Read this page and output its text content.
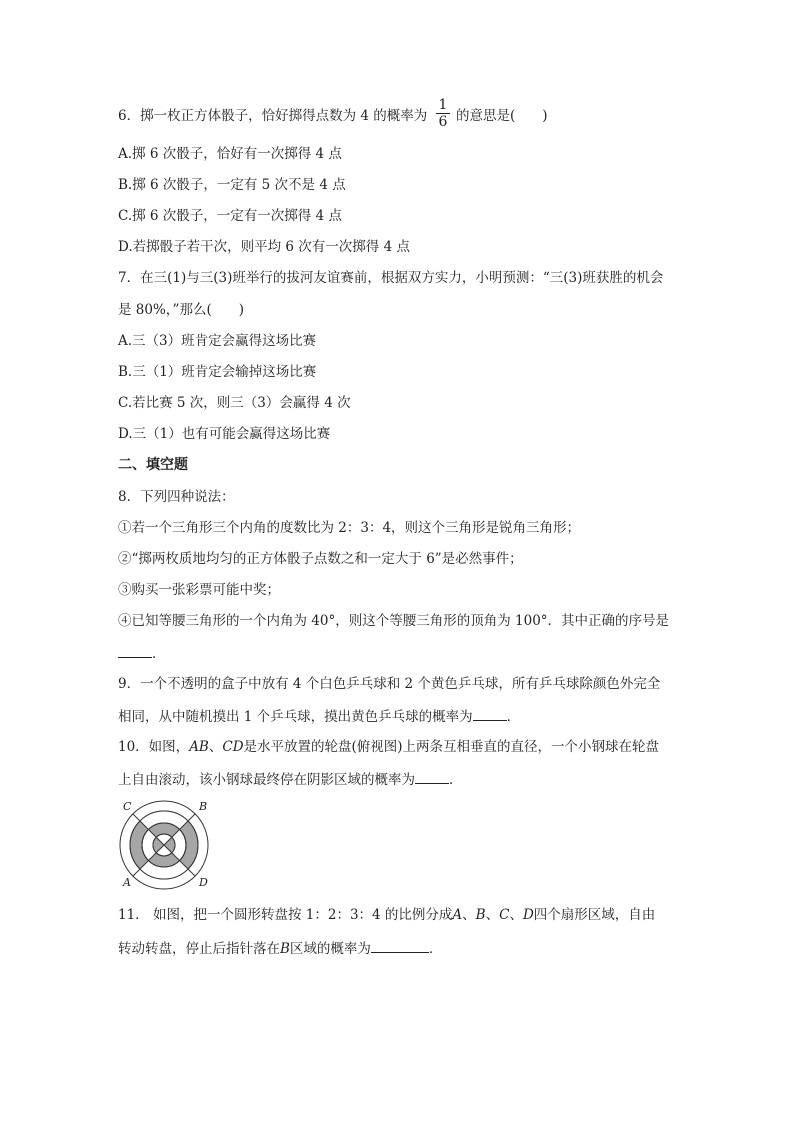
6．掷一枚正方体骰子，恰好掷得点数为 4 的概率为 $\frac{1}{6}$ 的意思是(　　)
A.掷 6 次骰子，恰好有一次掷得 4 点
B.掷 6 次骰子，一定有 5 次不是 4 点
C.掷 6 次骰子，一定有一次掷得 4 点
D.若掷骰子若干次，则平均 6 次有一次掷得 4 点
7．在三(1)与三(3)班举行的拔河友谊赛前，根据双方实力，小明预测：“三(3)班获胜的机会
是 80%，”那么(　　)
A.三（3）班肯定会赢得这场比赛
B.三（1）班肯定会输掉这场比赛
C.若比赛 5 次，则三（3）会赢得 4 次
D.三（1）也有可能会赢得这场比赛
二、填空题
8．下列四种说法：
①若一个三角形三个内角的度数比为 2：3：4，则这个三角形是锐角三角形；
②“掷两枚质地均匀的正方体骰子点数之和一定大于 6”是必然事件；
③购买一张彩票可能中奖；
④已知等腰三角形的一个内角为 40°，则这个等腰三角形的顶角为 100°．其中正确的序号是
．
9．一个不透明的盒子中放有 4 个白色乒乓球和 2 个黄色乒乓球，所有乒乓球除颜色外完全
相同，从中随机摸出 1 个乒乓球，摸出黄色乒乓球的概率为	．
10．如图，AB、CD是水平放置的轮盘(俯视图)上两条互相垂直的直径，一个小钢球在轮盘
上自由滚动，该小钢球最终停在阴影区域的概率为	．
C	B
A	D
11． 如图，把一个圆形转盘按 1：2：3：4 的比例分成A、B、C、D四个扇形区域，自由
转动转盘，停止后指针落在B区域的概率为	．
